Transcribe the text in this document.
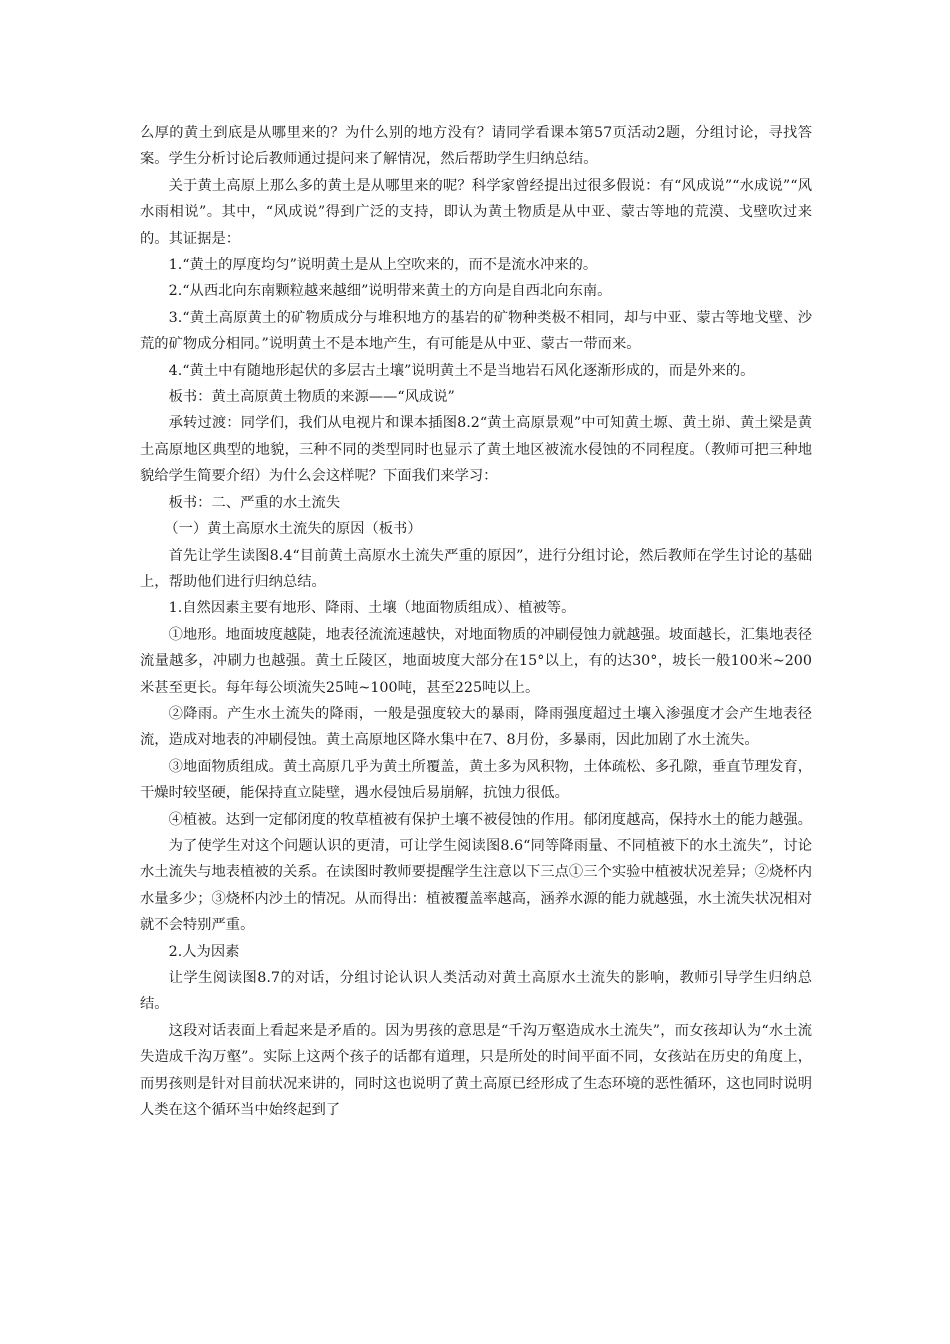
么厚的黄土到底是从哪里来的？为什么别的地方没有？请同学看课本第57页活动2题，分组讨论，寻找答案。学生分析讨论后教师通过提问来了解情况，然后帮助学生归纳总结。

关于黄土高原上那么多的黄土是从哪里来的呢？科学家曾经提出过很多假说：有“风成说”“水成说”“风水雨相说”。其中，“风成说”得到广泛的支持，即认为黄土物质是从中亚、蒙古等地的荒漠、戈壁吹过来的。其证据是：

1.“黄土的厚度均匀”说明黄土是从上空吹来的，而不是流水冲来的。

2.“从西北向东南颗粒越来越细”说明带来黄土的方向是自西北向东南。

3.“黄土高原黄土的矿物质成分与堆积地方的基岩的矿物种类极不相同，却与中亚、蒙古等地戈壁、沙荒的矿物成分相同。”说明黄土不是本地产生，有可能是从中亚、蒙古一带而来。

4.“黄土中有随地形起伏的多层古土壤”说明黄土不是当地岩石风化逐渐形成的，而是外来的。

板书：黄土高原黄土物质的来源——“风成说”

承转过渡：同学们，我们从电视片和课本插图8.2“黄土高原景观”中可知黄土塬、黄土峁、黄土梁是黄土高原地区典型的地貌，三种不同的类型同时也显示了黄土地区被流水侵蚀的不同程度。（教师可把三种地貌给学生简要介绍）为什么会这样呢？下面我们来学习：

板书：二、严重的水土流失

（一）黄土高原水土流失的原因（板书）

首先让学生读图8.4“目前黄土高原水土流失严重的原因”，进行分组讨论，然后教师在学生讨论的基础上，帮助他们进行归纳总结。

1.自然因素主要有地形、降雨、土壤（地面物质组成）、植被等。

①地形。地面坡度越陡，地表径流流速越快，对地面物质的冲刷侵蚀力就越强。坡面越长，汇集地表径流量越多，冲刷力也越强。黄土丘陵区，地面坡度大部分在15°以上，有的达30°，坡长一般100米~200米甚至更长。每年每公顷流失25吨~100吨，甚至225吨以上。

②降雨。产生水土流失的降雨，一般是强度较大的暴雨，降雨强度超过土壤入渗强度才会产生地表径流，造成对地表的冲刷侵蚀。黄土高原地区降水集中在7、8月份，多暴雨，因此加剧了水土流失。

③地面物质组成。黄土高原几乎为黄土所覆盖，黄土多为风积物，土体疏松、多孔隙，垂直节理发育，干燥时较坚硬，能保持直立陡壁，遇水侵蚀后易崩解，抗蚀力很低。

④植被。达到一定郁闭度的牧草植被有保护土壤不被侵蚀的作用。郁闭度越高，保持水土的能力越强。

为了使学生对这个问题认识的更清，可让学生阅读图8.6“同等降雨量、不同植被下的水土流失”，讨论水土流失与地表植被的关系。在读图时教师要提醒学生注意以下三点①三个实验中植被状况差异；②烧杯内水量多少；③烧杯内沙土的情况。从而得出：植被覆盖率越高，涵养水源的能力就越强，水土流失状况相对就不会特别严重。

2.人为因素

让学生阅读图8.7的对话，分组讨论认识人类活动对黄土高原水土流失的影响，教师引导学生归纳总结。

这段对话表面上看起来是矛盾的。因为男孩的意思是“千沟万壑造成水土流失”，而女孩却认为“水土流失造成千沟万壑”。实际上这两个孩子的话都有道理，只是所处的时间平面不同，女孩站在历史的角度上，而男孩则是针对目前状况来讲的，同时这也说明了黄土高原已经形成了生态环境的恶性循环，这也同时说明人类在这个循环当中始终起到了
